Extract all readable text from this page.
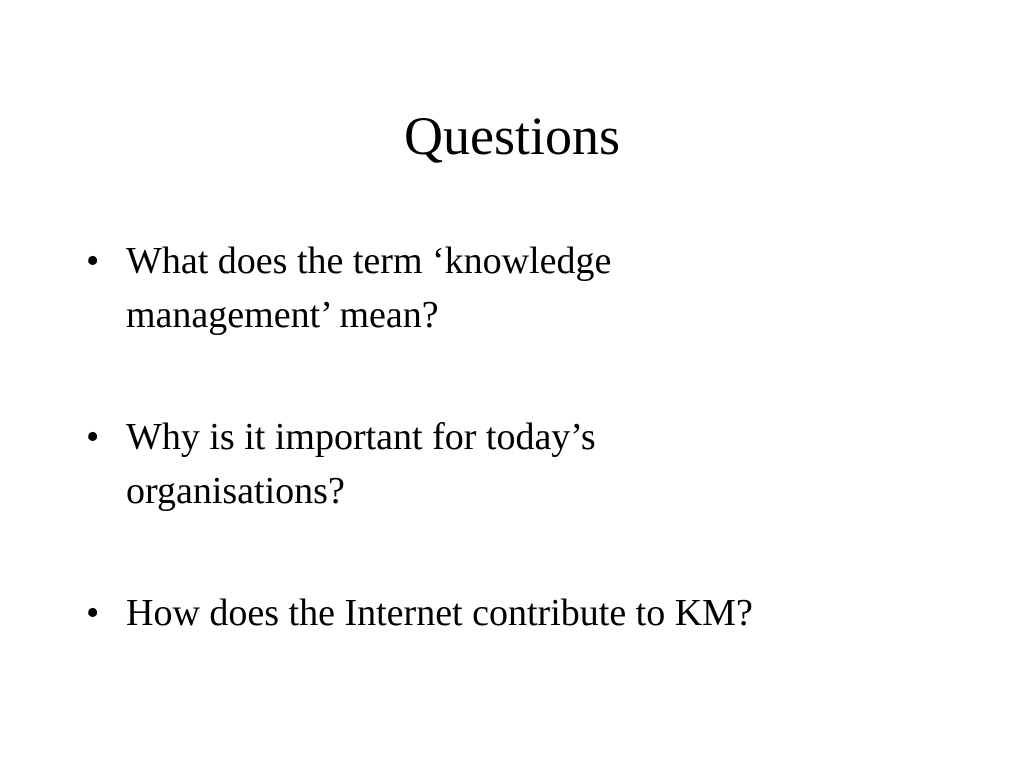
Questions
• What does the term ‘knowledge
management’ mean?
• Why is it important for today’s
organisations?
• How does the Internet contribute to KM?
